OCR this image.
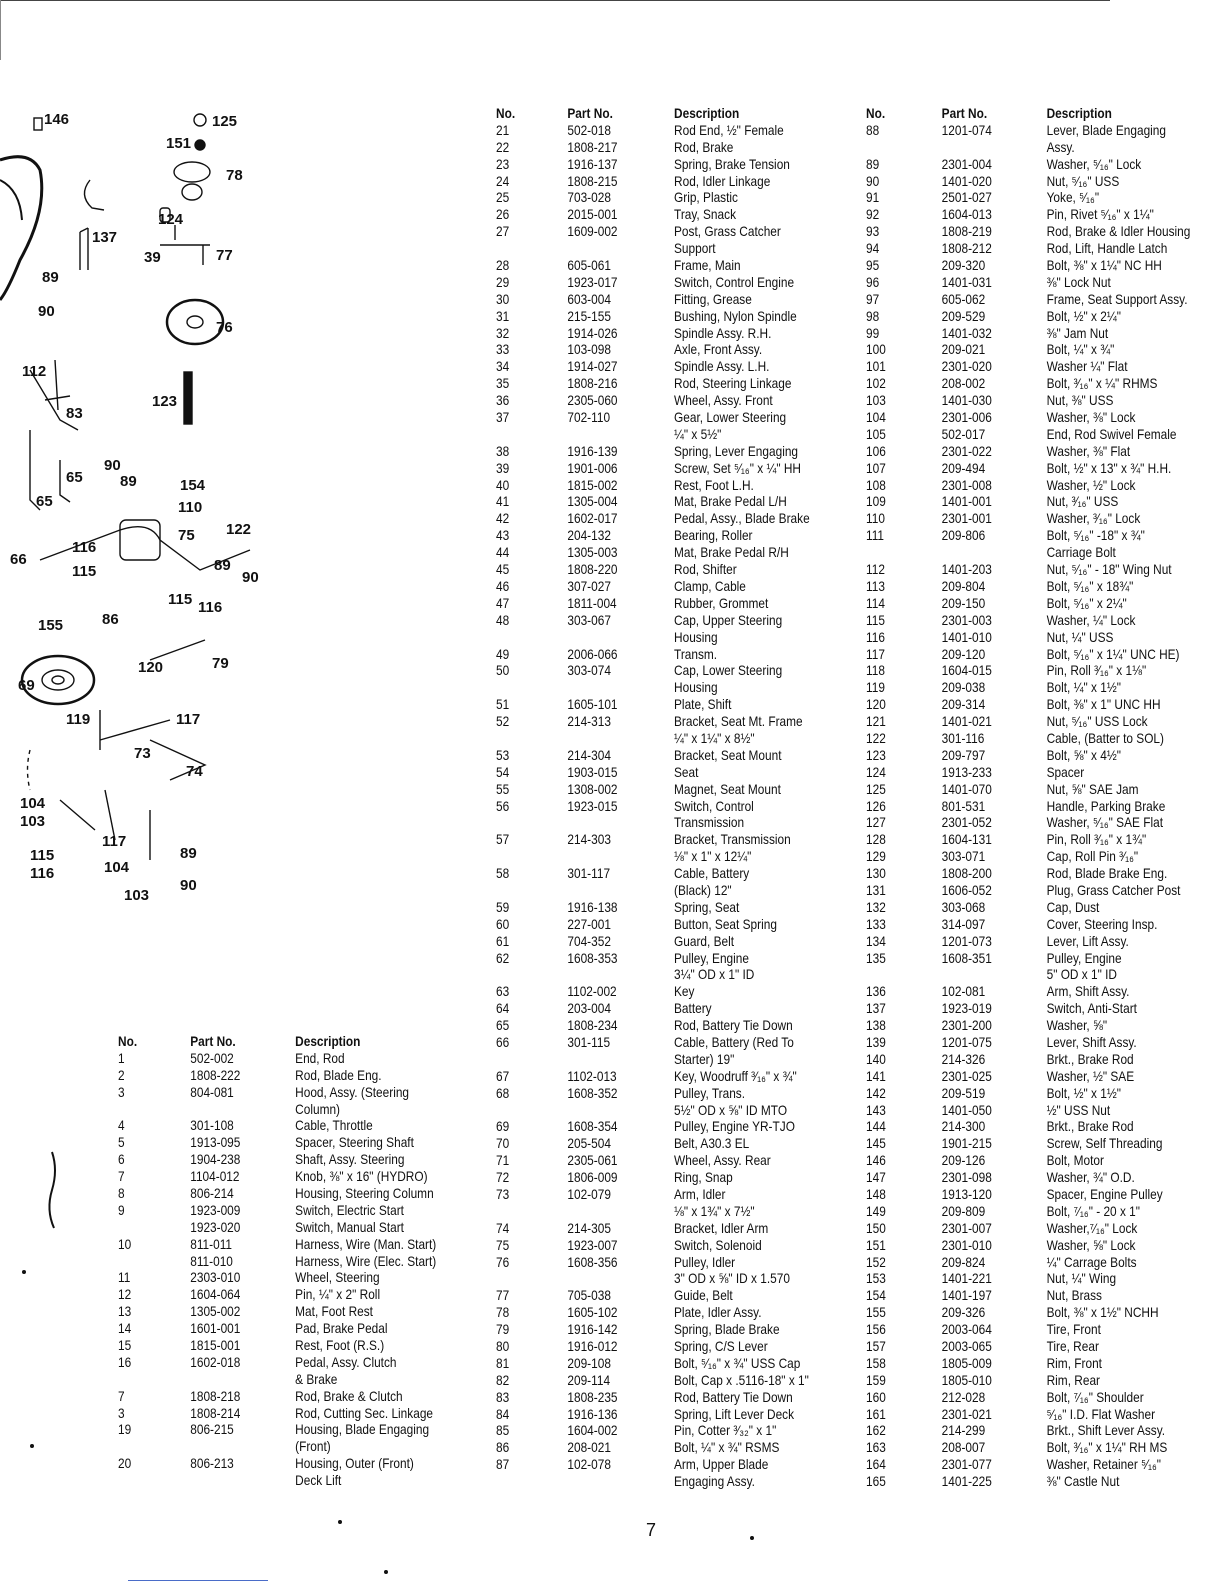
146	125
151
78
137
124
39	77
89
90
76
112
123
83
90
65 89	154
65	110
75 122
66
116
115	89
90
115 116
155	86
120	79
69
119	117
73
74
104
103
117
89
115
104
116
103
90
No.	Part No.	Description
1	502-002	End, Rod
2	1808-222	Rod, Blade Eng.
3	804-081	Hood, Assy. (Steering
Column)
4	301-108	Cable, Throttle
5	1913-095	Spacer, Steering Shaft
6	1904-238	Shaft, Assy. Steering
7	1104-012	Knob, ⅜" x 16" (HYDRO)
8	806-214	Housing, Steering Column
9	1923-009	Switch, Electric Start
1923-020	Switch, Manual Start
10	811-011	Harness, Wire (Man. Start)
811-010	Harness, Wire (Elec. Start)
11	2303-010	Wheel, Steering
12	1604-064	Pin, ¼" x 2" Roll
13	1305-002	Mat, Foot Rest
14	1601-001	Pad, Brake Pedal
15	1815-001	Rest, Foot (R.S.)
16	1602-018	Pedal, Assy. Clutch
& Brake
7	1808-218	Rod, Brake & Clutch
3	1808-214	Rod, Cutting Sec. Linkage
19	806-215	Housing, Blade Engaging
(Front)
20	806-213	Housing, Outer (Front)
Deck Lift
No.	Part No.	Description
21	502-018	Rod End, ½" Female
22	1808-217	Rod, Brake
23	1916-137	Spring, Brake Tension
24	1808-215	Rod, Idler Linkage
25	703-028	Grip, Plastic
26	2015-001	Tray, Snack
27	1609-002	Post, Grass Catcher
Support
28	605-061	Frame, Main
29	1923-017	Switch, Control Engine
30	603-004	Fitting, Grease
31	215-155	Bushing, Nylon Spindle
32	1914-026	Spindle Assy. R.H.
33	103-098	Axle, Front Assy.
34	1914-027	Spindle Assy. L.H.
35	1808-216	Rod, Steering Linkage
36	2305-060	Wheel, Assy. Front
37	702-110	Gear, Lower Steering
¼" x 5½"
38	1916-139	Spring, Lever Engaging
39	1901-006	Screw, Set ⁵⁄₁₆" x ¼" HH
40	1815-002	Rest, Foot L.H.
41	1305-004	Mat, Brake Pedal L/H
42	1602-017	Pedal, Assy., Blade Brake
43	204-132	Bearing, Roller
44	1305-003	Mat, Brake Pedal R/H
45	1808-220	Rod, Shifter
46	307-027	Clamp, Cable
47	1811-004	Rubber, Grommet
48	303-067	Cap, Upper Steering
Housing
49	2006-066	Transm.
50	303-074	Cap, Lower Steering
Housing
51	1605-101	Plate, Shift
52	214-313	Bracket, Seat Mt. Frame
¼" x 1¼" x 8½"
53	214-304	Bracket, Seat Mount
54	1903-015	Seat
55	1308-002	Magnet, Seat Mount
56	1923-015	Switch, Control
Transmission
57	214-303	Bracket, Transmission
⅛" x 1" x 12¼"
58	301-117	Cable, Battery
(Black) 12"
59	1916-138	Spring, Seat
60	227-001	Button, Seat Spring
61	704-352	Guard, Belt
62	1608-353	Pulley, Engine
3¼" OD x 1" ID
63	1102-002	Key
64	203-004	Battery
65	1808-234	Rod, Battery Tie Down
66	301-115	Cable, Battery (Red To
Starter) 19"
67	1102-013	Key, Woodruff ³⁄₁₆" x ¾"
68	1608-352	Pulley, Trans.
5½" OD x ⅝" ID MTO
69	1608-354	Pulley, Engine YR-TJO
70	205-504	Belt, A30.3 EL
71	2305-061	Wheel, Assy. Rear
72	1806-009	Ring, Snap
73	102-079	Arm, Idler
⅛" x 1¾" x 7½"
74	214-305	Bracket, Idler Arm
75	1923-007	Switch, Solenoid
76	1608-356	Pulley, Idler
3" OD x ⅝" ID x 1.570
77	705-038	Guide, Belt
78	1605-102	Plate, Idler Assy.
79	1916-142	Spring, Blade Brake
80	1916-012	Spring, C/S Lever
81	209-108	Bolt, ⁵⁄₁₆" x ¾" USS Cap
82	209-114	Bolt, Cap x .5116-18" x 1"
83	1808-235	Rod, Battery Tie Down
84	1916-136	Spring, Lift Lever Deck
85	1604-002	Pin, Cotter ³⁄₃₂" x 1"
86	208-021	Bolt, ¼" x ¾" RSMS
87	102-078	Arm, Upper Blade
Engaging Assy.
No.	Part No.	Description
88	1201-074	Lever, Blade Engaging
Assy.
89	2301-004	Washer, ⁵⁄₁₆" Lock
90	1401-020	Nut, ⁵⁄₁₆" USS
91	2501-027	Yoke, ⁵⁄₁₆"
92	1604-013	Pin, Rivet ⁵⁄₁₆" x 1¼"
93	1808-219	Rod, Brake & Idler Housing
94	1808-212	Rod, Lift, Handle Latch
95	209-320	Bolt, ⅜" x 1¼" NC HH
96	1401-031	⅜" Lock Nut
97	605-062	Frame, Seat Support Assy.
98	209-529	Bolt, ½" x 2¼"
99	1401-032	⅜" Jam Nut
100	209-021	Bolt, ¼" x ¾"
101	2301-020	Washer ¼" Flat
102	208-002	Bolt, ³⁄₁₆" x ¼" RHMS
103	1401-030	Nut, ⅜" USS
104	2301-006	Washer, ⅜" Lock
105	502-017	End, Rod Swivel Female
106	2301-022	Washer, ⅜" Flat
107	209-494	Bolt, ½" x 13" x ¾" H.H.
108	2301-008	Washer, ½" Lock
109	1401-001	Nut, ³⁄₁₆" USS
110	2301-001	Washer, ³⁄₁₆" Lock
111	209-806	Bolt, ⁵⁄₁₆" -18" x ¾"
Carriage Bolt
112	1401-203	Nut, ⁵⁄₁₆" - 18" Wing Nut
113	209-804	Bolt, ⁵⁄₁₆" x 18¾"
114	209-150	Bolt, ⁵⁄₁₆" x 2¼"
115	2301-003	Washer, ¼" Lock
116	1401-010	Nut, ¼" USS
117	209-120	Bolt, ⁵⁄₁₆" x 1¼" UNC HE)
118	1604-015	Pin, Roll ³⁄₁₆" x 1⅛"
119	209-038	Bolt, ¼" x 1½"
120	209-314	Bolt, ⅜" x 1" UNC HH
121	1401-021	Nut, ⁵⁄₁₆" USS Lock
122	301-116	Cable, (Batter to SOL)
123	209-797	Bolt, ⅝" x 4½"
124	1913-233	Spacer
125	1401-070	Nut, ⅝" SAE Jam
126	801-531	Handle, Parking Brake
127	2301-052	Washer, ⁵⁄₁₆" SAE Flat
128	1604-131	Pin, Roll ³⁄₁₆" x 1¾"
129	303-071	Cap, Roll Pin ³⁄₁₆"
130	1808-200	Rod, Blade Brake Eng.
131	1606-052	Plug, Grass Catcher Post
132	303-068	Cap, Dust
133	314-097	Cover, Steering Insp.
134	1201-073	Lever, Lift Assy.
135	1608-351	Pulley, Engine
5" OD x 1" ID
136	102-081	Arm, Shift Assy.
137	1923-019	Switch, Anti-Start
138	2301-200	Washer, ⅝"
139	1201-075	Lever, Shift Assy.
140	214-326	Brkt., Brake Rod
141	2301-025	Washer, ½" SAE
142	209-519	Bolt, ½" x 1½"
143	1401-050	½" USS Nut
144	214-300	Brkt., Brake Rod
145	1901-215	Screw, Self Threading
146	209-126	Bolt, Motor
147	2301-098	Washer, ¾" O.D.
148	1913-120	Spacer, Engine Pulley
149	209-809	Bolt, ⁷⁄₁₆" - 20 x 1"
150	2301-007	Washer,⁷⁄₁₆" Lock
151	2301-010	Washer, ⅝" Lock
152	209-824	¼" Carrage Bolts
153	1401-221	Nut, ¼" Wing
154	1401-197	Nut, Brass
155	209-326	Bolt, ⅜" x 1½" NCHH
156	2003-064	Tire, Front
157	2003-065	Tire, Rear
158	1805-009	Rim, Front
159	1805-010	Rim, Rear
160	212-028	Bolt, ⁷⁄₁₆" Shoulder
161	2301-021	⁵⁄₁₆" I.D. Flat Washer
162	214-299	Brkt., Shift Lever Assy.
163	208-007	Bolt, ³⁄₁₆" x 1¼" RH MS
164	2301-077	Washer, Retainer ⁵⁄₁₆"
165	1401-225	⅜" Castle Nut
7
